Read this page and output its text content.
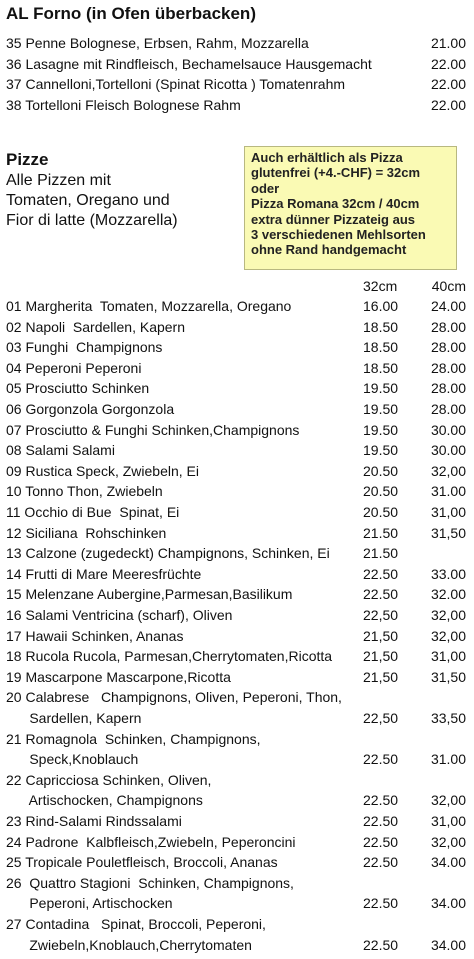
AL Forno (in Ofen überbacken)
35 Penne Bolognese, Erbsen, Rahm, Mozzarella	21.00
36 Lasagne mit Rindfleisch, Bechamelsauce Hausgemacht	22.00
37 Cannelloni,Tortelloni (Spinat Ricotta ) Tomatenrahm	22.00
38 Tortelloni Fleisch Bolognese Rahm	22.00
Pizze
Alle Pizzen mit
Tomaten, Oregano und
Fior di latte (Mozzarella)
Auch erhältlich als Pizza
glutenfrei (+4.-CHF) = 32cm
oder
Pizza Romana 32cm / 40cm
extra dünner Pizzateig aus
3 verschiedenen Mehlsorten
ohne Rand handgemacht
32cm 40cm
01 Margherita  Tomaten, Mozzarella, Oregano	16.00 24.00
02 Napoli  Sardellen, Kapern	18.50 28.00
03 Funghi  Champignons	18.50 28.00
04 Peperoni Peperoni	18.50 28.00
05 Prosciutto Schinken	19.50 28.00
06 Gorgonzola Gorgonzola	19.50 28.00
07 Prosciutto & Funghi Schinken,Champignons	19.50 30.00
08 Salami Salami	19.50 30.00
09 Rustica Speck, Zwiebeln, Ei	20.50 32,00
10 Tonno Thon, Zwiebeln	20.50 31.00
11 Occhio di Bue  Spinat, Ei	20.50 31,00
12 Siciliana  Rohschinken	21.50 31,50
13 Calzone (zugedeckt) Champignons, Schinken, Ei 21.50
14 Frutti di Mare Meeresfrüchte	22.50 33.00
15 Melenzane Aubergine,Parmesan,Basilikum	22.50 32.00
16 Salami Ventricina (scharf), Oliven	22,50 32,00
17 Hawaii Schinken, Ananas	21,50 32,00
18 Rucola Rucola, Parmesan,Cherrytomaten,Ricotta 21,50 31,00
19 Mascarpone Mascarpone,Ricotta	21,50 31,50
20 Calabrese   Champignons, Oliven, Peperoni, Thon,
Sardellen, Kapern	22,50 33,50
21 Romagnola  Schinken, Champignons,
Speck,Knoblauch	22.50 31.00
22 Capricciosa Schinken, Oliven,
Artischocken, Champignons	22.50 32,00
23 Rind-Salami Rindssalami	22.50 31,00
24 Padrone  Kalbfleisch,Zwiebeln, Peperoncini	22.50 32,00
25 Tropicale Pouletfleisch, Broccoli, Ananas	22.50 34.00
26  Quattro Stagioni  Schinken, Champignons,
Peperoni, Artischocken	22.50 34.00
27 Contadina   Spinat, Broccoli, Peperoni,
Zwiebeln,Knoblauch,Cherrytomaten	22.50 34.00
